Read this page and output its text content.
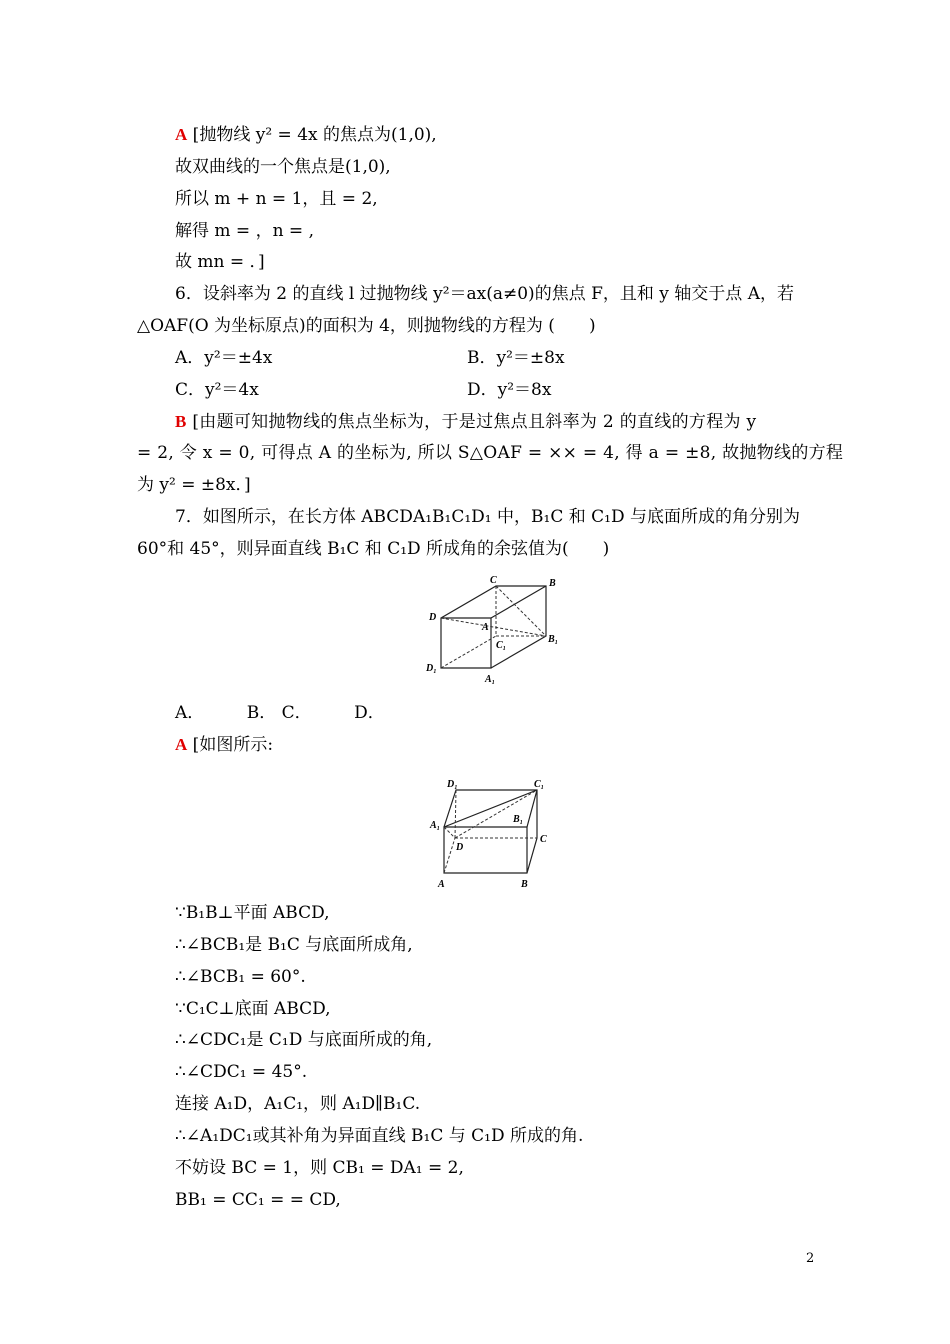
A [抛物线 y² = 4x 的焦点为(1,0),
故双曲线的一个焦点是(1,0),
所以 m + n = 1，且 = 2,
解得 m = ，n = ,
故 mn = ．]
6．设斜率为 2 的直线 l 过抛物线 y²＝ax(a≠0)的焦点 F，且和 y 轴交于点 A，若
△OAF(O 为坐标原点)的面积为 4，则抛物线的方程为 (　　)
A．y²＝±4x	B．y²＝±8x
C．y²＝4x	D．y²＝8x
B [由题可知抛物线的焦点坐标为，于是过焦点且斜率为 2 的直线的方程为 y
= 2, 令 x = 0, 可得点 A 的坐标为, 所以 S△OAF = ×× = 4, 得 a = ±8, 故抛物线的方程
为 y² = ±8x．]
7．如图所示，在长方体 ABCDA₁B₁C₁D₁ 中，B₁C 和 C₁D 与底面所成的角分别为
60°和 45°，则异面直线 B₁C 和 C₁D 所成角的余弦值为(　　)
A．　　　B． C．　　　D．
A [如图所示:
∵B₁B⊥平面 ABCD,
∴∠BCB₁是 B₁C 与底面所成角,
∴∠BCB₁ = 60°.
∵C₁C⊥底面 ABCD,
∴∠CDC₁是 C₁D 与底面所成的角,
∴∠CDC₁ = 45°.
连接 A₁D，A₁C₁，则 A₁D∥B₁C.
∴∠A₁DC₁或其补角为异面直线 B₁C 与 C₁D 所成的角.
不妨设 BC = 1，则 CB₁ = DA₁ = 2,
BB₁ = CC₁ = = CD,
C	B
D
A
C₁
B₁
D₁
A₁
D₁	C₁
A₁
B₁
C
D
A	B
2
